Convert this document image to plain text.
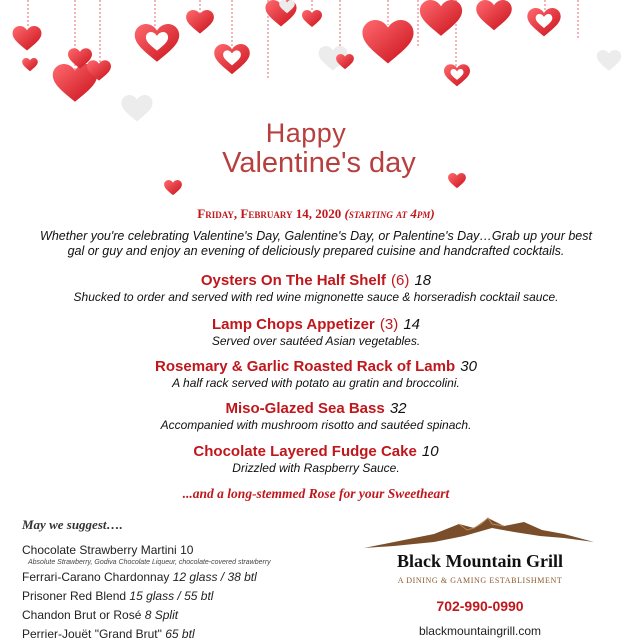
Happy
Valentine's day
Friday, February 14, 2020 (starting at 4pm)
Whether you're celebrating Valentine's Day, Galentine's Day, or Palentine's Day…Grab up your best gal or guy and enjoy an evening of deliciously prepared cuisine and handcrafted cocktails.
Oysters On The Half Shelf (6) 18
Shucked to order and served with red wine mignonette sauce & horseradish cocktail sauce.
Lamp Chops Appetizer (3) 14
Served over sautéed Asian vegetables.
Rosemary & Garlic Roasted Rack of Lamb 30
A half rack served with potato au gratin and broccolini.
Miso-Glazed Sea Bass 32
Accompanied with mushroom risotto and sautéed spinach.
Chocolate Layered Fudge Cake 10
Drizzled with Raspberry Sauce.
...and a long-stemmed Rose for your Sweetheart
May we suggest….
Chocolate Strawberry Martini 10
Absolute Strawberry, Godiva Chocolate Liqueur, chocolate-covered strawberry
Ferrari-Carano Chardonnay 12 glass / 38 btl
Prisoner Red Blend 15 glass / 55 btl
Chandon Brut or Rosé 8 Split
Perrier-Jouët "Grand Brut" 65 btl
Black Mountain Grill
A DINING & GAMING ESTABLISHMENT
702-990-0990
blackmountaingrill.com
